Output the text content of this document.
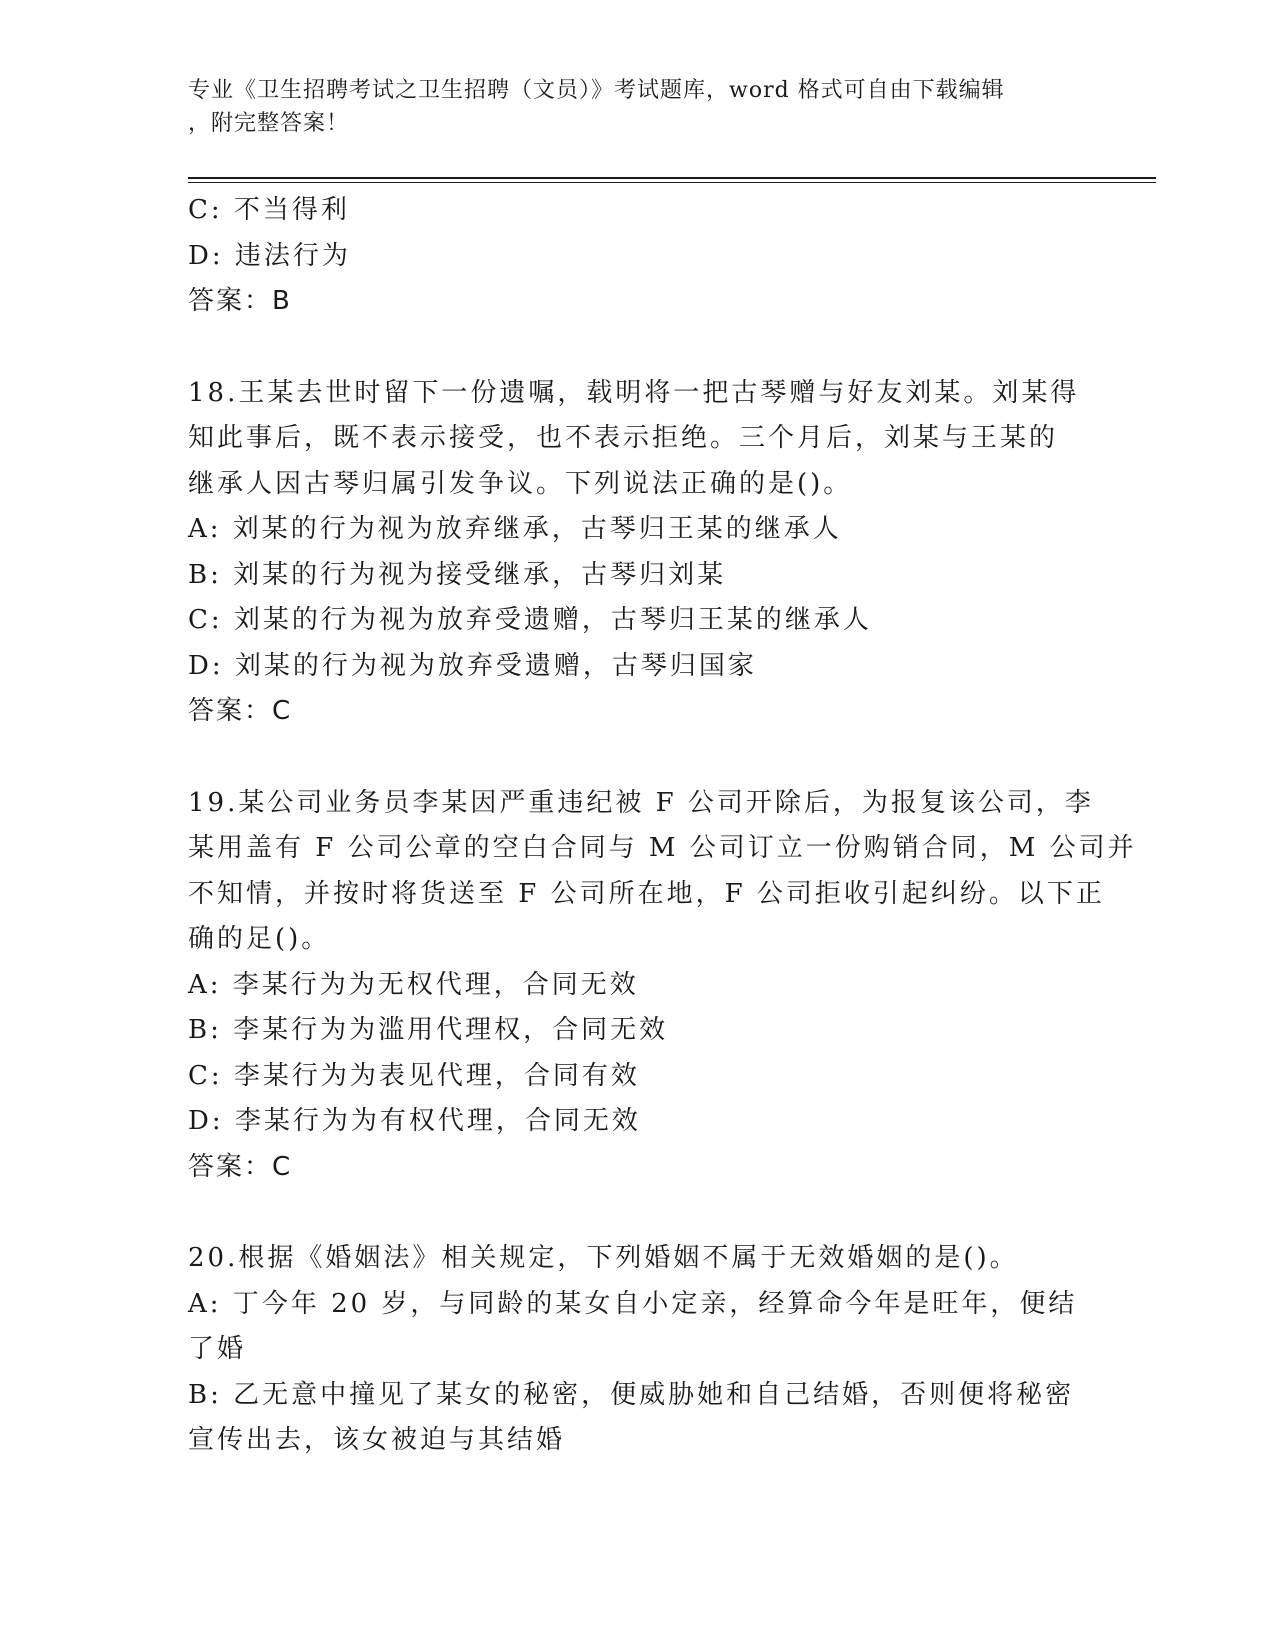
专业《卫生招聘考试之卫生招聘（文员）》考试题库，word 格式可自由下载编辑
，附完整答案！
C: 不当得利
D: 违法行为
答案：B
18.王某去世时留下一份遗嘱，载明将一把古琴赠与好友刘某。刘某得
知此事后，既不表示接受，也不表示拒绝。三个月后，刘某与王某的
继承人因古琴归属引发争议。下列说法正确的是()。
A: 刘某的行为视为放弃继承，古琴归王某的继承人
B: 刘某的行为视为接受继承，古琴归刘某
C: 刘某的行为视为放弃受遗赠，古琴归王某的继承人
D: 刘某的行为视为放弃受遗赠，古琴归国家
答案：C
19.某公司业务员李某因严重违纪被 F 公司开除后，为报复该公司，李
某用盖有 F 公司公章的空白合同与 M 公司订立一份购销合同，M 公司并
不知情，并按时将货送至 F 公司所在地，F 公司拒收引起纠纷。以下正
确的足()。
A: 李某行为为无权代理，合同无效
B: 李某行为为滥用代理权，合同无效
C: 李某行为为表见代理，合同有效
D: 李某行为为有权代理，合同无效
答案：C
20.根据《婚姻法》相关规定，下列婚姻不属于无效婚姻的是()。
A: 丁今年 20 岁，与同龄的某女自小定亲，经算命今年是旺年，便结
了婚
B: 乙无意中撞见了某女的秘密，便威胁她和自己结婚，否则便将秘密
宣传出去，该女被迫与其结婚
